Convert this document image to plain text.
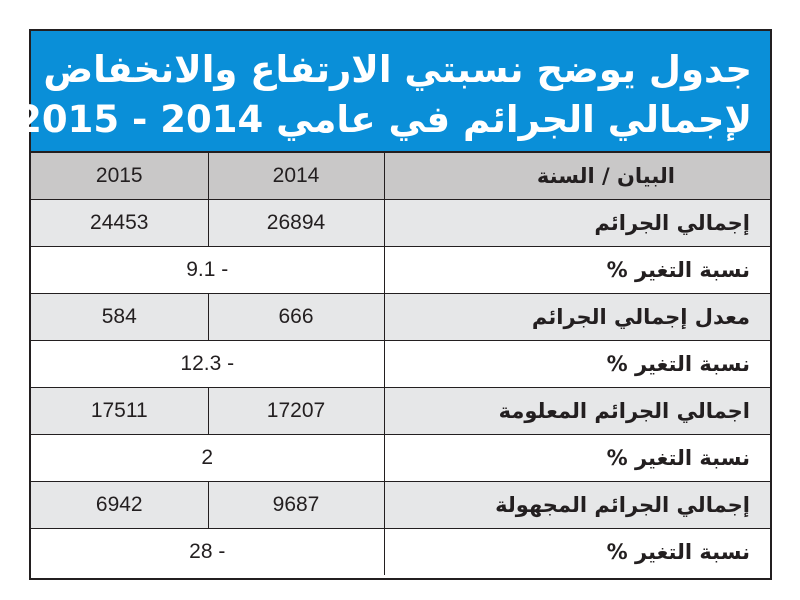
جدول يوضح نسبتي الارتفاع والانخفاض
لإجمالي الجرائم في عامي 2014 - 2015
2015	2014	البيان / السنة
24453	26894	إجمالي الجرائم
9.1 -		نسبة التغير %
584	666	معدل إجمالي الجرائم
12.3 -		نسبة التغير %
17511	17207	اجمالي الجرائم المعلومة
2		نسبة التغير %
6942	9687	إجمالي الجرائم المجهولة
28 -		نسبة التغير %
